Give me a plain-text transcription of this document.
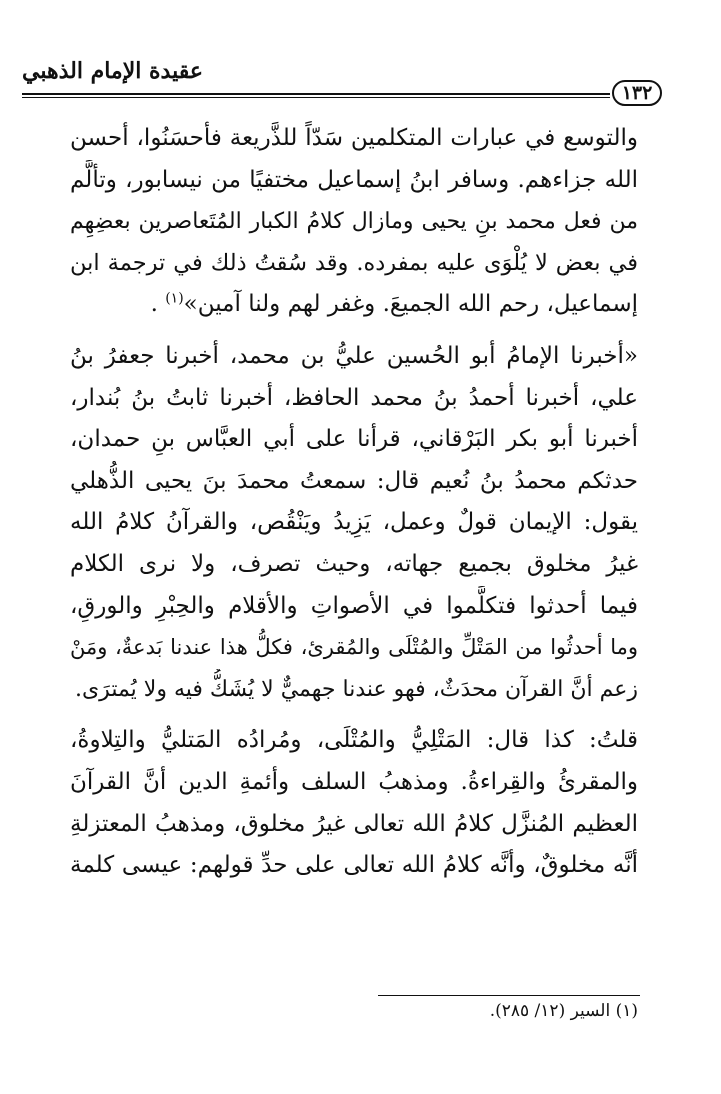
عقيدة الإمام الذهبي
١٣٢
والتوسع في عبارات المتكلمين سَدّاً للذَّريعة فأحسَنُوا، أحسن
الله جزاءهم. وسافر ابنُ إسماعيل مختفيًا من نيسابور، وتألَّم
من فعل محمد بنِ يحيى ومازال كلامُ الكبار المُتَعاصرين بعضِهِم
في بعض لا يُلْوَى عليه بمفرده. وقد سُقتُ ذلك في ترجمة ابن
إسماعيل، رحم الله الجميعَ. وغفر لهم ولنا آمين»$^{(١)}$ .
«أخبرنا الإمامُ أبو الحُسين عليُّ بن محمد، أخبرنا جعفرُ بنُ
علي، أخبرنا أحمدُ بنُ محمد الحافظ، أخبرنا ثابتُ بنُ بُندار،
أخبرنا أبو بكر البَرْقاني، قرأنا على أبي العبَّاس بنِ حمدان،
حدثكم محمدُ بنُ نُعيم قال: سمعتُ محمدَ بنَ يحيى الذُّهلي
يقول: الإيمان قولٌ وعمل، يَزِيدُ ويَنْقُص، والقرآنُ كلامُ الله
غيرُ مخلوق بجميع جهاته، وحيث تصرف، ولا نرى الكلام
فيما أحدثوا فتكلَّموا في الأصواتِ والأقلام والحِبْرِ والورقِ،
وما أحدثُوا من المَتْلِّ والمُتْلَى والمُقرئ، فكلُّ هذا عندنا بَدعةٌ، ومَنْ
زعم أنَّ القرآن محدَثٌ، فهو عندنا جهميٌّ لا يُشَكُّ فيه ولا يُمترَى.
قلتُ: كذا قال: المَتْلِيُّ والمُتْلَى، ومُرادُه المَتليُّ والتِلاوةُ،
والمقرئُ والقِراءةُ. ومذهبُ السلف وأئمةِ الدين أنَّ القرآنَ
العظيم المُنزَّل كلامُ الله تعالى غيرُ مخلوق، ومذهبُ المعتزلةِ
أنَّه مخلوقٌ، وأنَّه كلامُ الله تعالى على حدِّ قولهم: عيسى كلمة
(١) السير (١٢/ ٢٨٥).
